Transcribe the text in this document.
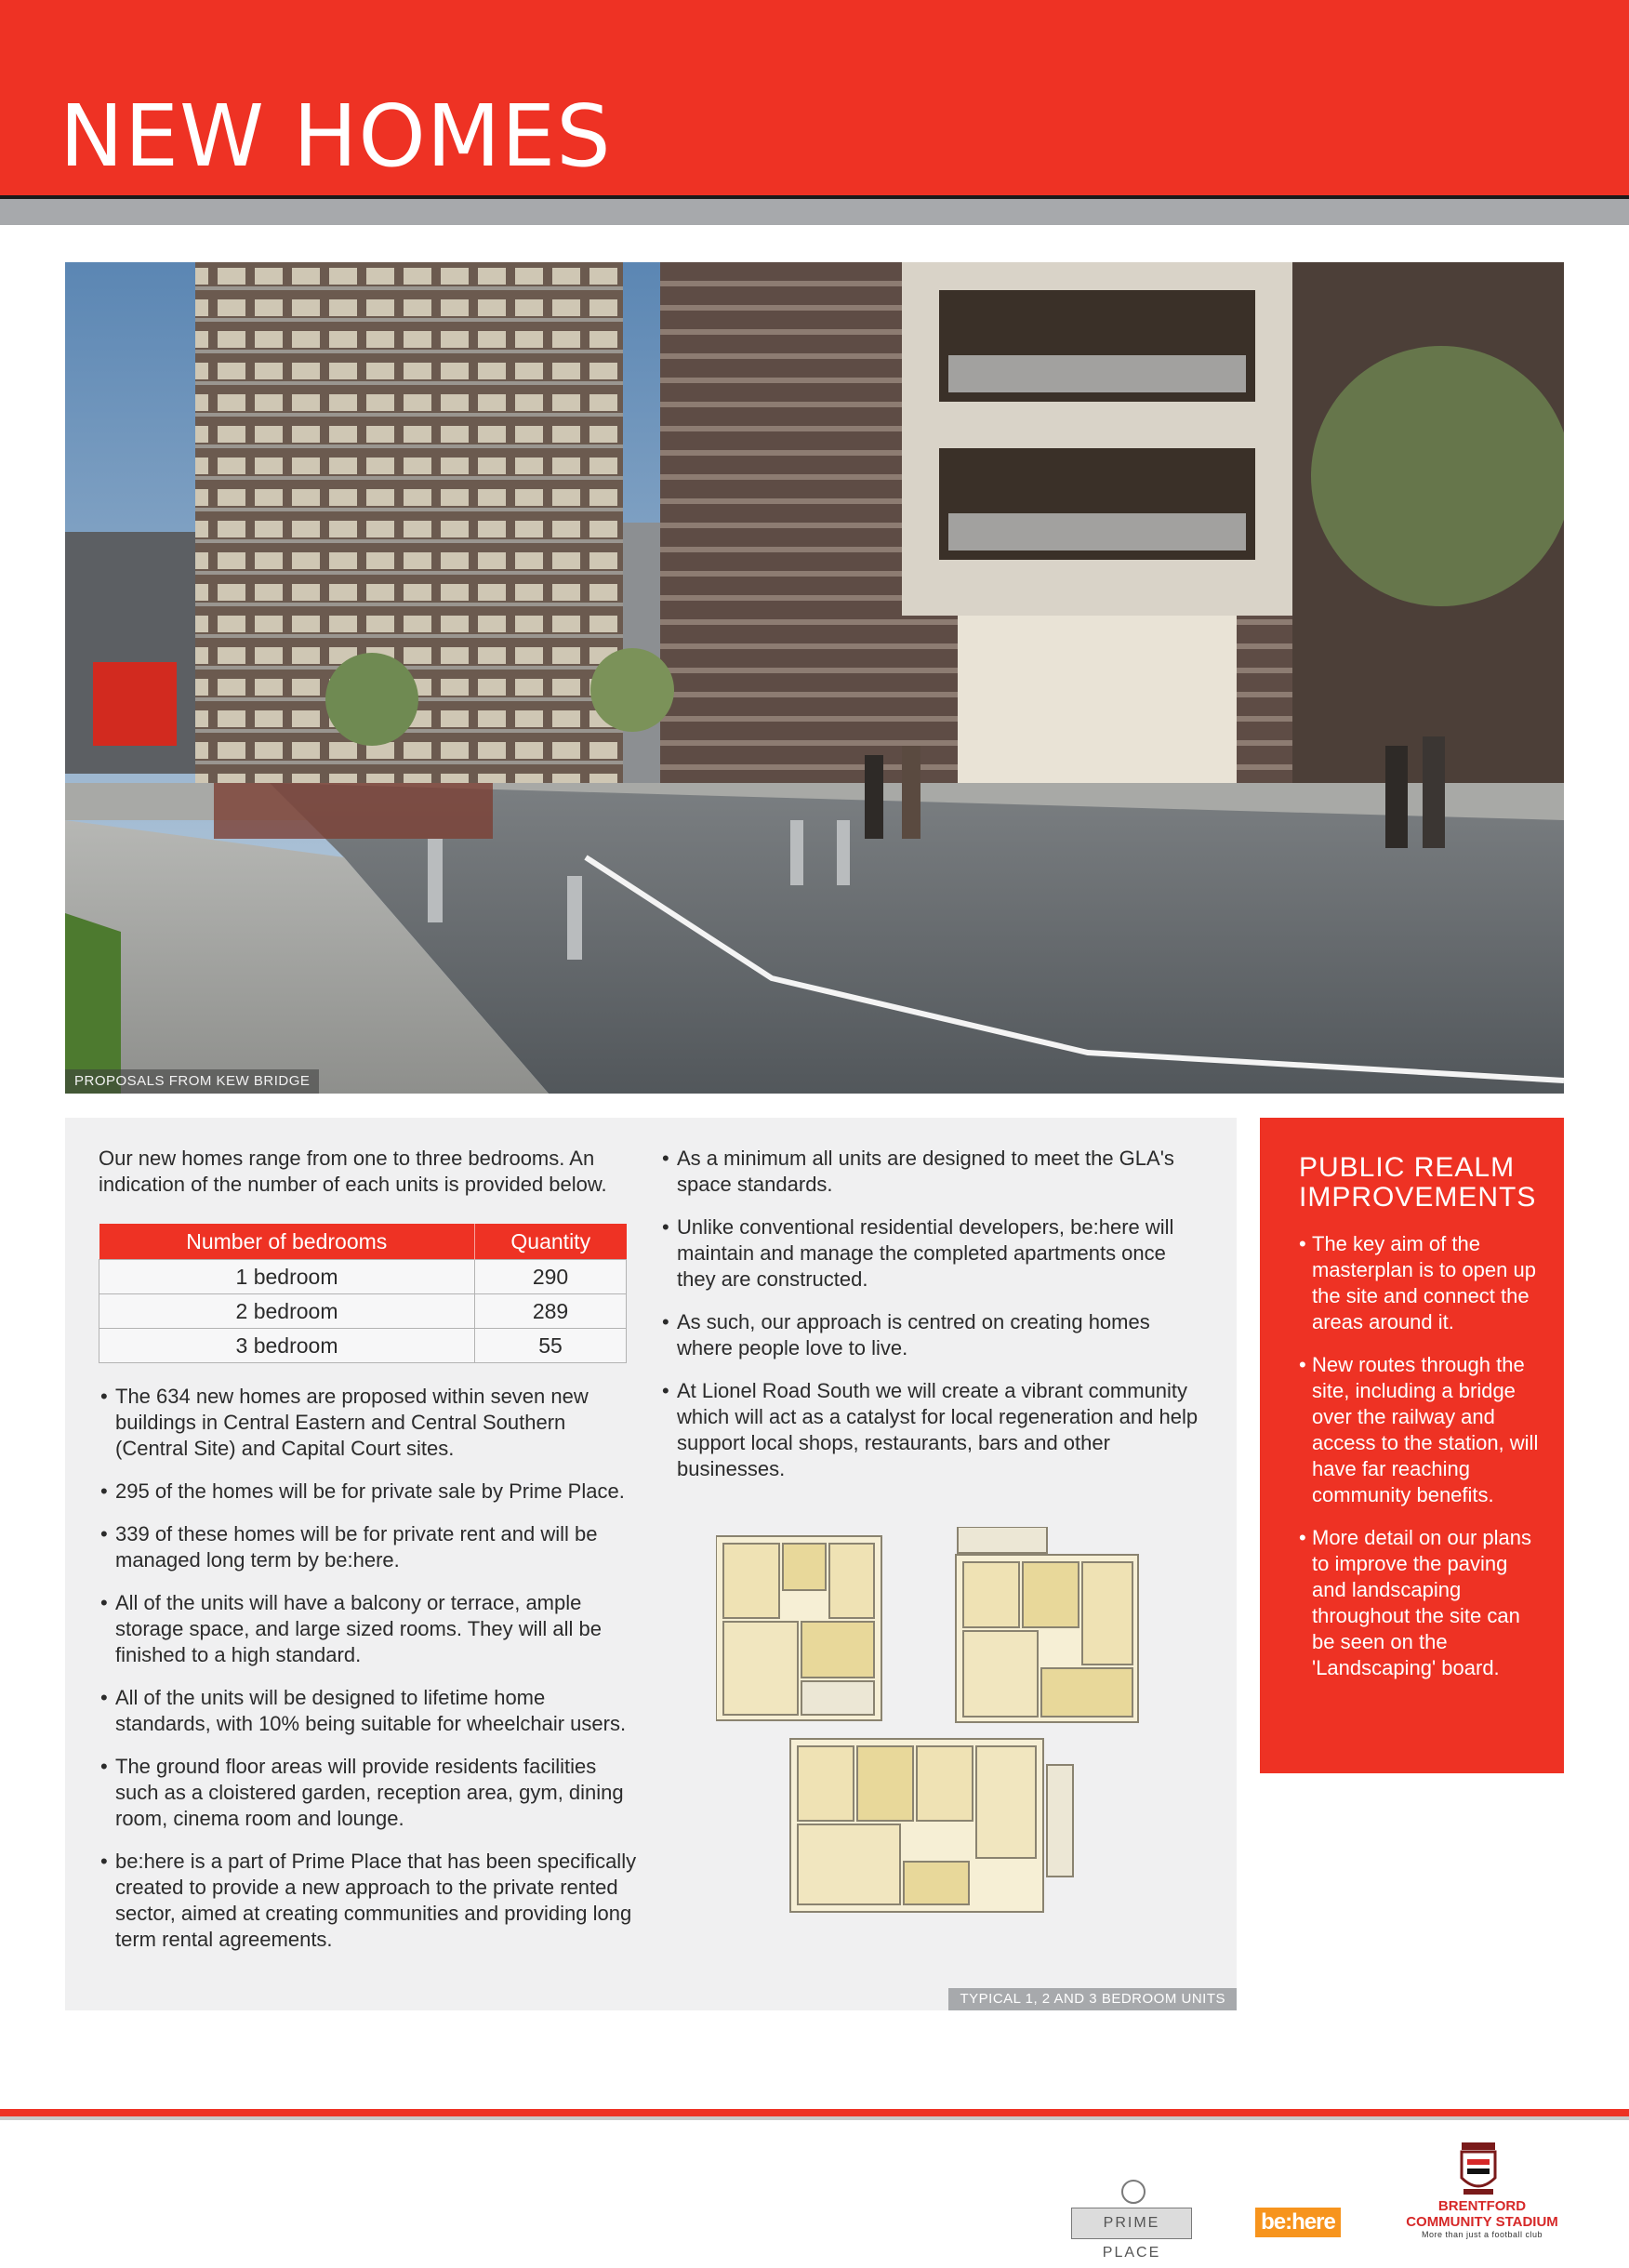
NEW HOMES
PROPOSALS FROM KEW BRIDGE

Our new homes range from one to three bedrooms. An indication of the number of each units is provided below.

Number of bedrooms	Quantity
1 bedroom	290
2 bedroom	289
3 bedroom	55
• The 634 new homes are proposed within seven new buildings in Central Eastern and Central Southern (Central Site) and Capital Court sites.
• 295 of the homes will be for private sale by Prime Place.
• 339 of these homes will be for private rent and will be managed long term by be:here.
• All of the units will have a balcony or terrace, ample storage space, and large sized rooms. They will all be finished to a high standard.
• All of the units will be designed to lifetime home standards, with 10% being suitable for wheelchair users.
• The ground floor areas will provide residents facilities such as a cloistered garden, reception area, gym, dining room, cinema room and lounge.
• be:here is a part of Prime Place that has been specifically created to provide a new approach to the private rented sector, aimed at creating communities and providing long term rental agreements.
• As a minimum all units are designed to meet the GLA's space standards.
• Unlike conventional residential developers, be:here will maintain and manage the completed apartments once they are constructed.
• As such, our approach is centred on creating homes where people love to live.
• At Lionel Road South we will create a vibrant community which will act as a catalyst for local regeneration and help support local shops, restaurants, bars and other businesses.
TYPICAL 1, 2 AND 3 BEDROOM UNITS
PUBLIC REALM
IMPROVEMENTS
• The key aim of the masterplan is to open up the site and connect the areas around it.
• New routes through the site, including a bridge over the railway and access to the station, will have far reaching community benefits.
• More detail on our plans to improve the paving and landscaping throughout the site can be seen on the 'Landscaping' board.
PRIME PLACE
be:here
BRENTFORD
COMMUNITY STADIUM
More than just a football club
